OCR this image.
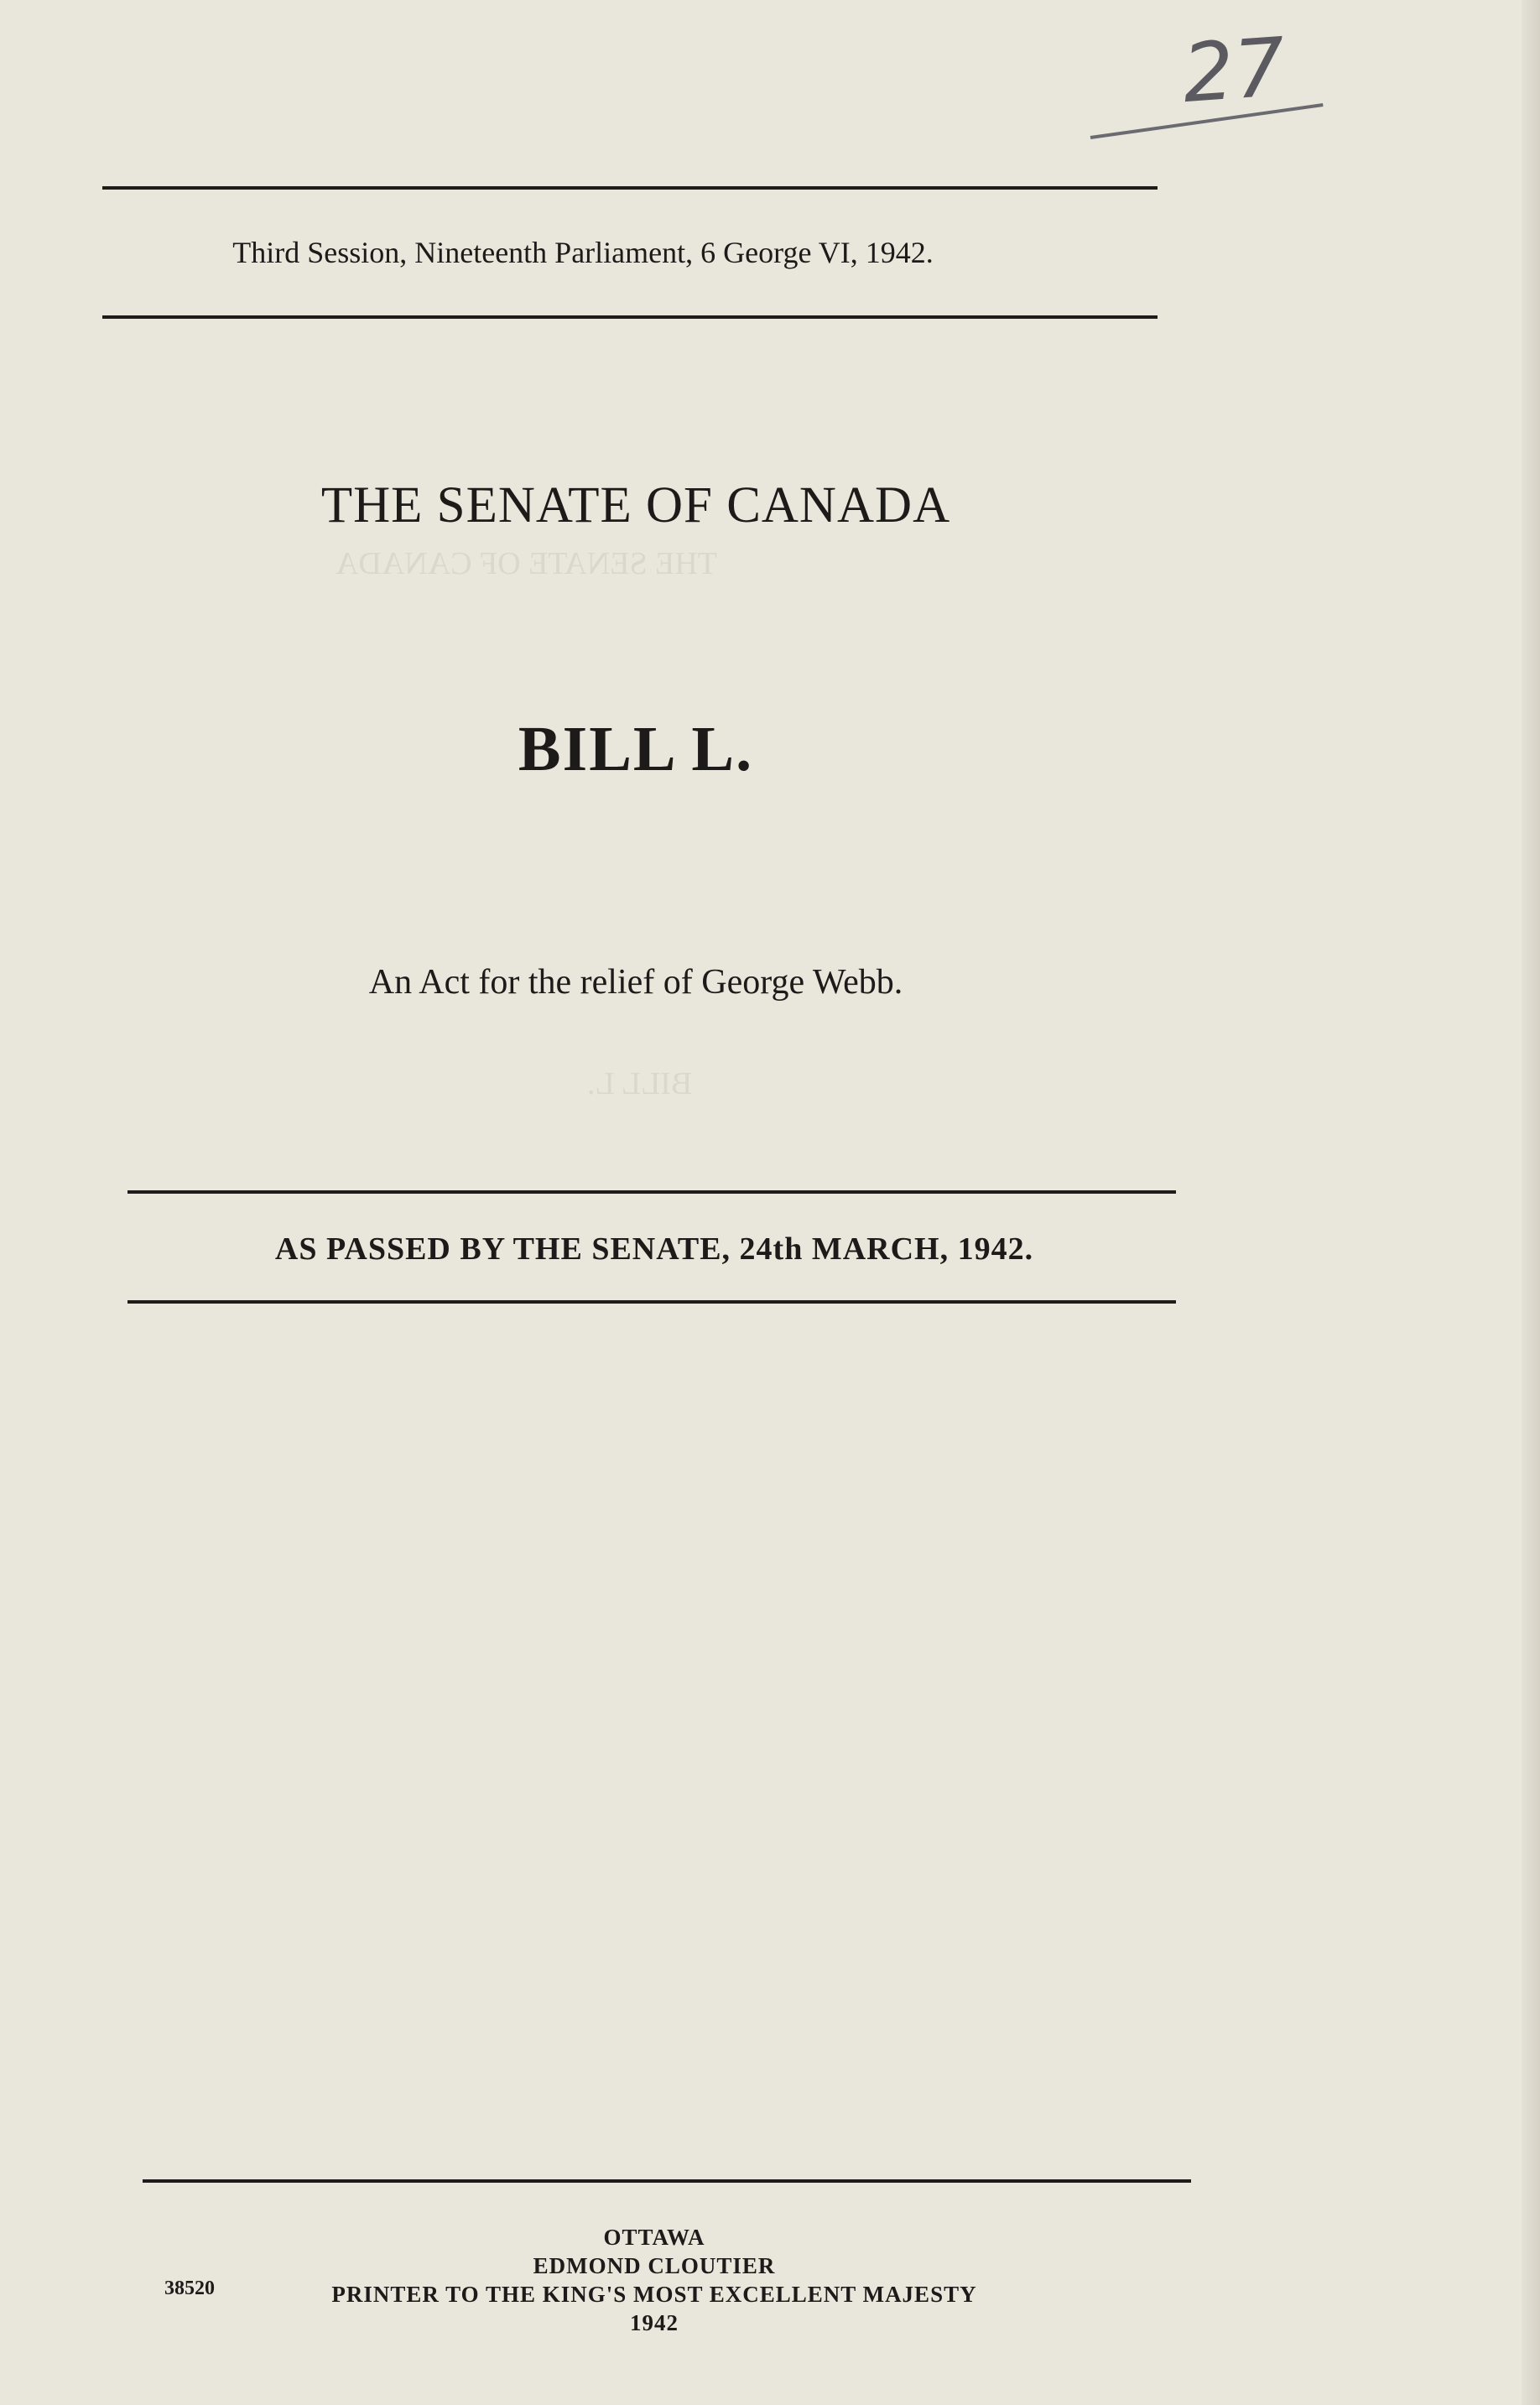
27
THE SENATE OF CANADA
BILL L.
Third Session, Nineteenth Parliament, 6 George VI, 1942.
THE SENATE OF CANADA
BILL L.
An Act for the relief of George Webb.
AS PASSED BY THE SENATE, 24th MARCH, 1942.
OTTAWA
EDMOND CLOUTIER
PRINTER TO THE KING'S MOST EXCELLENT MAJESTY
1942
38520
